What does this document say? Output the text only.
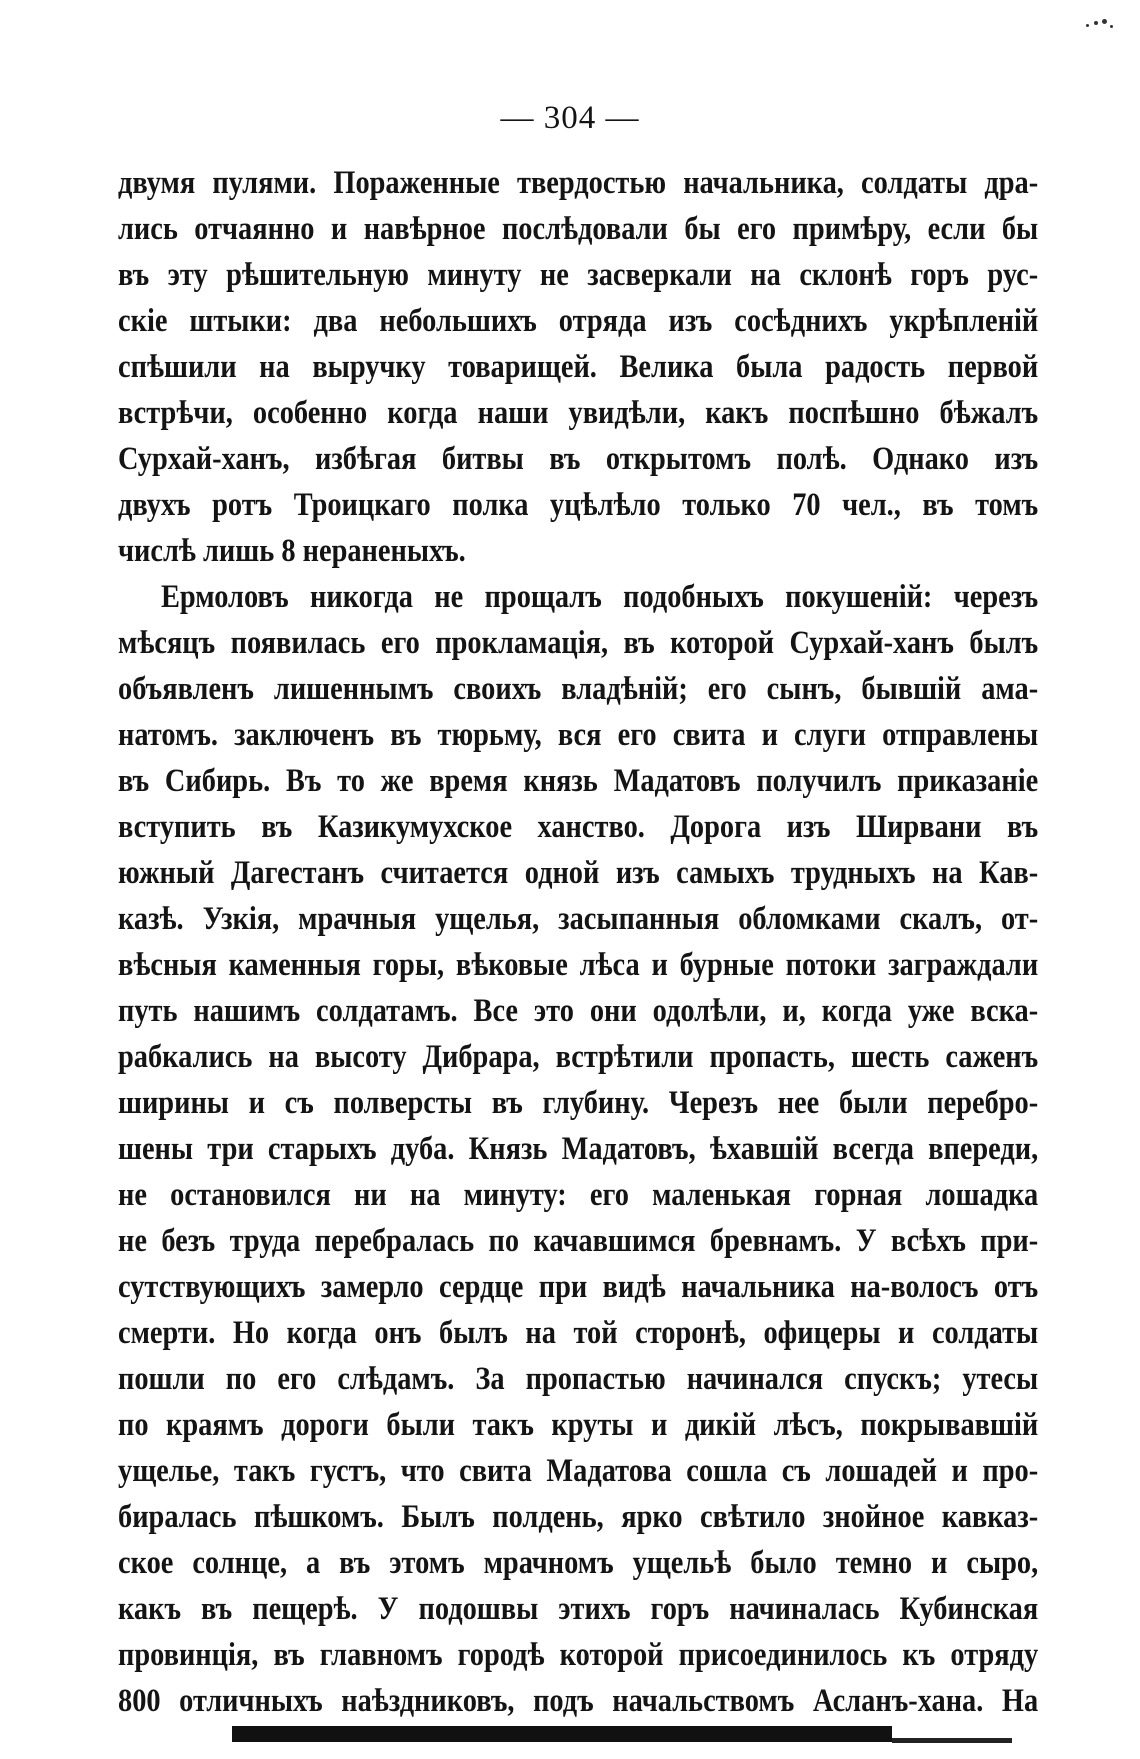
— 304 —
двумя пулями. Пораженные твердостью начальника, солдаты дра-
лись отчаянно и навѣрное послѣдовали бы его примѣру, если бы
въ эту рѣшительную минуту не засверкали на склонѣ горъ рус-
скіе штыки: два небольшихъ отряда изъ сосѣднихъ укрѣпленій
спѣшили на выручку товарищей. Велика была радость первой
встрѣчи, особенно когда наши увидѣли, какъ поспѣшно бѣжалъ
Сурхай-ханъ, избѣгая битвы въ открытомъ полѣ. Однако изъ
двухъ ротъ Троицкаго полка уцѣлѣло только 70 чел., въ томъ
числѣ лишь 8 нераненыхъ.
Ермоловъ никогда не прощалъ подобныхъ покушеній: черезъ
мѣсяцъ появилась его прокламація, въ которой Сурхай-ханъ былъ
объявленъ лишеннымъ своихъ владѣній; его сынъ, бывшій ама-
натомъ. заключенъ въ тюрьму, вся его свита и слуги отправлены
въ Сибирь. Въ то же время князь Мадатовъ получилъ приказаніе
вступить въ Казикумухское ханство. Дорога изъ Ширвани въ
южный Дагестанъ считается одной изъ самыхъ трудныхъ на Кав-
казѣ. Узкія, мрачныя ущелья, засыпанныя обломками скалъ, от-
вѣсныя каменныя горы, вѣковые лѣса и бурные потоки заграждали
путь нашимъ солдатамъ. Все это они одолѣли, и, когда уже вска-
рабкались на высоту Дибрара, встрѣтили пропасть, шесть саженъ
ширины и съ полверсты въ глубину. Черезъ нее были перебро-
шены три старыхъ дуба. Князь Мадатовъ, ѣхавшій всегда впереди,
не остановился ни на минуту: его маленькая горная лошадка
не безъ труда перебралась по качавшимся бревнамъ. У всѣхъ при-
сутствующихъ замерло сердце при видѣ начальника на-волосъ отъ
смерти. Но когда онъ былъ на той сторонѣ, офицеры и солдаты
пошли по его слѣдамъ. За пропастью начинался спускъ; утесы
по краямъ дороги были такъ круты и дикій лѣсъ, покрывавшій
ущелье, такъ густъ, что свита Мадатова сошла съ лошадей и про-
биралась пѣшкомъ. Былъ полдень, ярко свѣтило знойное кавказ-
ское солнце, а въ этомъ мрачномъ ущельѣ было темно и сыро,
какъ въ пещерѣ. У подошвы этихъ горъ начиналась Кубинская
провинція, въ главномъ городѣ которой присоединилось къ отряду
800 отличныхъ наѣздниковъ, подъ начальствомъ Асланъ-хана. На
